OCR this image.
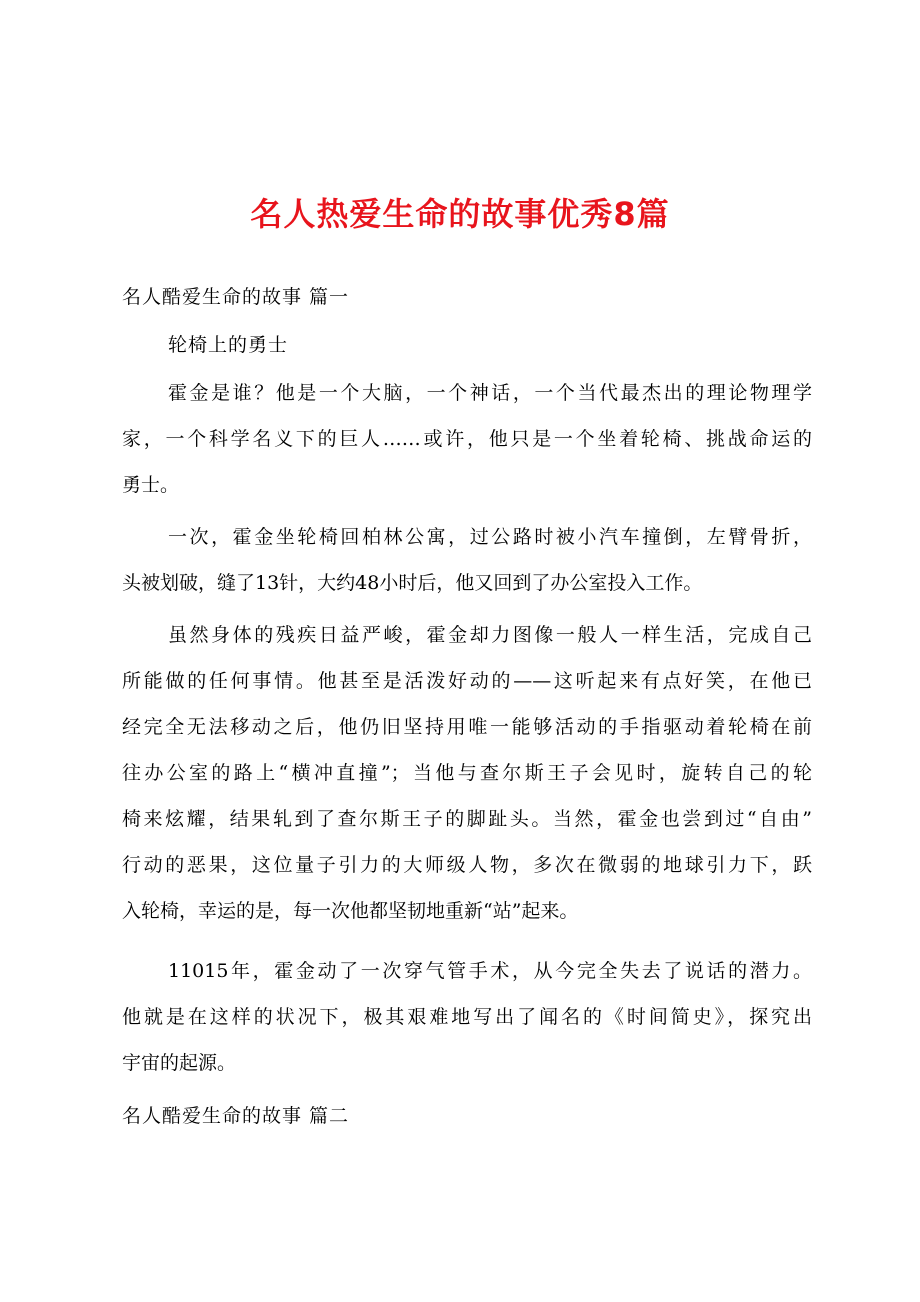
名人热爱生命的故事优秀8篇
名人酷爱生命的故事 篇一
轮椅上的勇士
霍金是谁？他是一个大脑，一个神话，一个当代最杰出的理论物理学
家，一个科学名义下的巨人……或许，他只是一个坐着轮椅、挑战命运的
勇士。
一次，霍金坐轮椅回柏林公寓，过公路时被小汽车撞倒，左臂骨折，
头被划破，缝了13针，大约48小时后，他又回到了办公室投入工作。
虽然身体的残疾日益严峻，霍金却力图像一般人一样生活，完成自己
所能做的任何事情。他甚至是活泼好动的——这听起来有点好笑，在他已
经完全无法移动之后，他仍旧坚持用唯一能够活动的手指驱动着轮椅在前
往办公室的路上“横冲直撞”；当他与查尔斯王子会见时，旋转自己的轮
椅来炫耀，结果轧到了查尔斯王子的脚趾头。当然，霍金也尝到过“自由”
行动的恶果，这位量子引力的大师级人物，多次在微弱的地球引力下，跃
入轮椅，幸运的是，每一次他都坚韧地重新“站”起来。
11015年，霍金动了一次穿气管手术，从今完全失去了说话的潜力。
他就是在这样的状况下，极其艰难地写出了闻名的《时间简史》，探究出
宇宙的起源。
名人酷爱生命的故事 篇二
